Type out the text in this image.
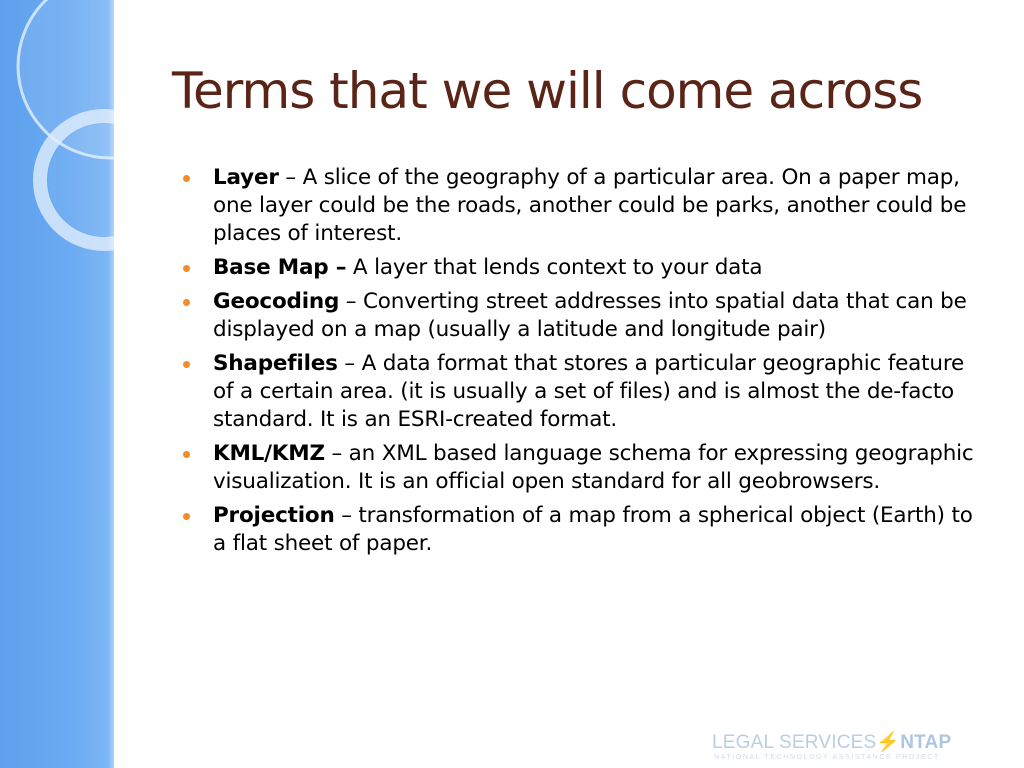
Terms that we will come across
Layer – A slice of the geography of a particular area. On a paper map, one layer could be the roads, another could be parks, another could be places of interest.
Base Map – A layer that lends context to your data
Geocoding – Converting street addresses into spatial data that can be displayed on a map (usually a latitude and longitude pair)
Shapefiles – A data format that stores a particular geographic feature of a certain area. (it is usually a set of files) and is almost the de-facto standard. It is an ESRI-created format.
KML/KMZ – an XML based language schema for expressing geographic visualization. It is an official open standard for all geobrowsers.
Projection – transformation of a map from a spherical object (Earth) to a flat sheet of paper.
LEGAL SERVICES⚡NTAP
NATIONAL TECHNOLOGY ASSISTANCE PROJECT
